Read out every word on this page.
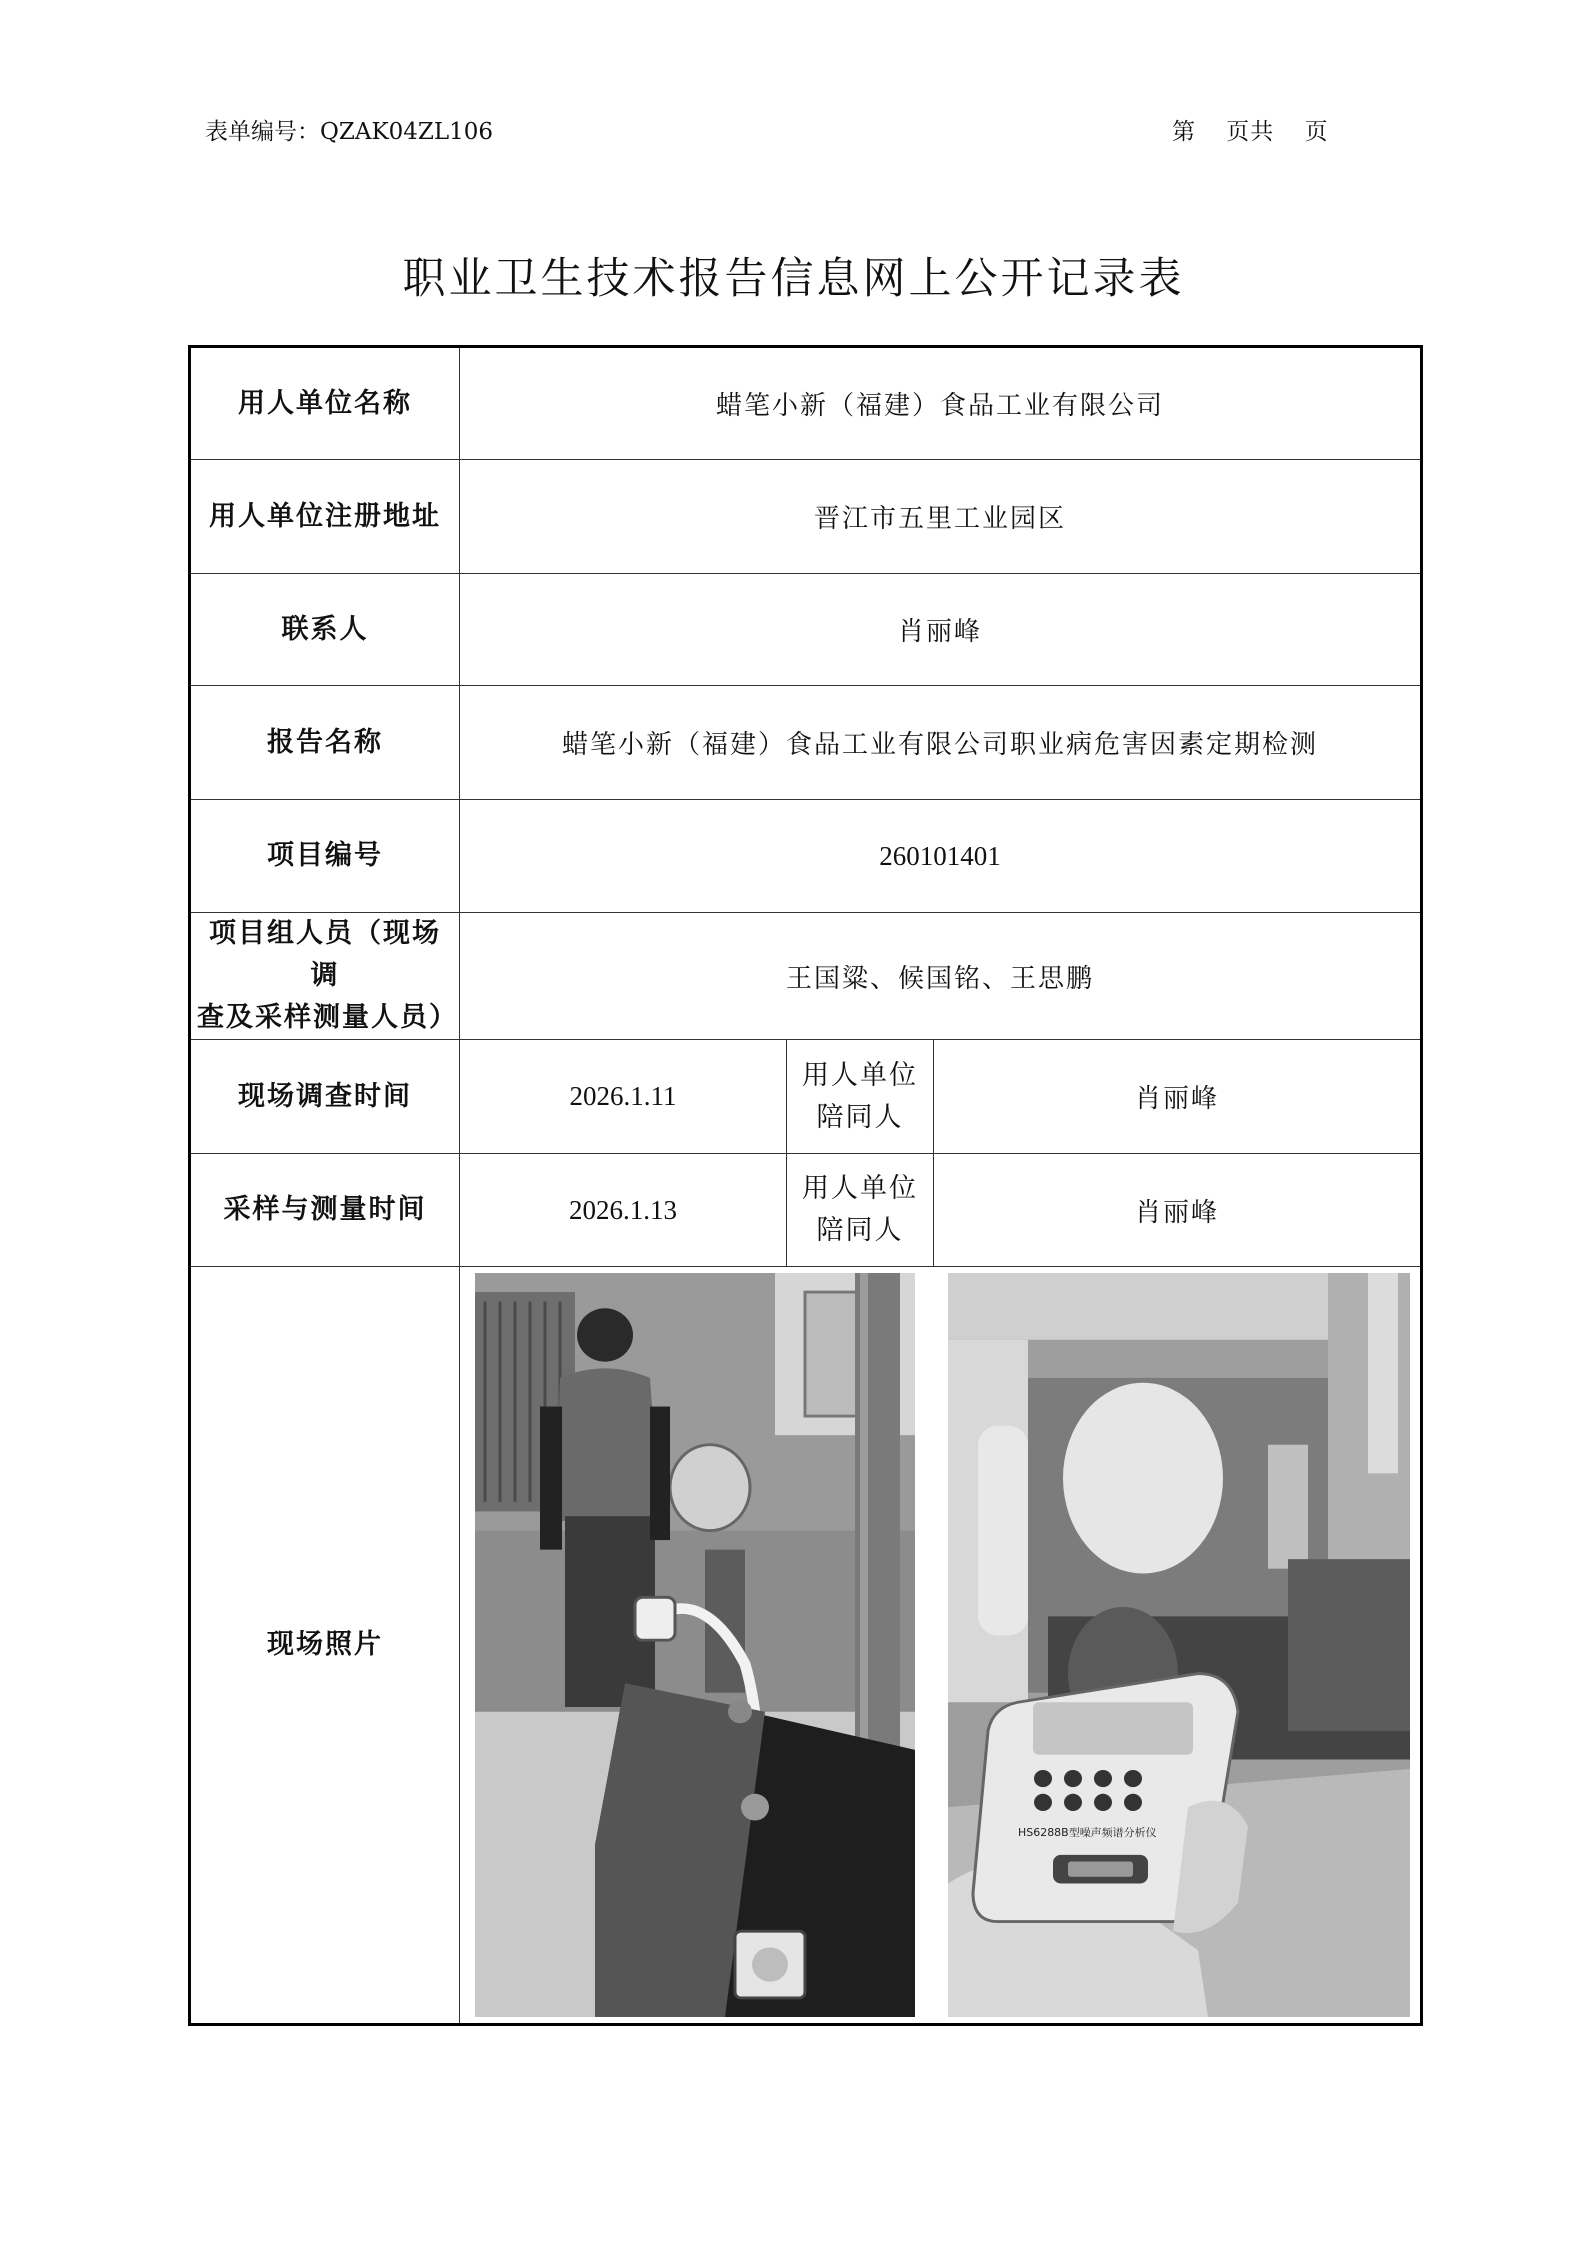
表单编号：QZAK04ZL106	第 页共 页
职业卫生技术报告信息网上公开记录表
用人单位名称	蜡笔小新（福建）食品工业有限公司		
用人单位注册地址	晋江市五里工业园区		
联系人	肖丽峰		
报告名称	蜡笔小新（福建）食品工业有限公司职业病危害因素定期检测		
项目编号	260101401		

项目组人员（现场调
查及采样测量人员）	王国粱、候国铭、王思鹏		
现场调查时间	2026.1.11	用人单位
陪同人	肖丽峰
采样与测量时间	2026.1.13	用人单位
陪同人	肖丽峰
现场照片	HS6288B型噪声频谱分析仪		
